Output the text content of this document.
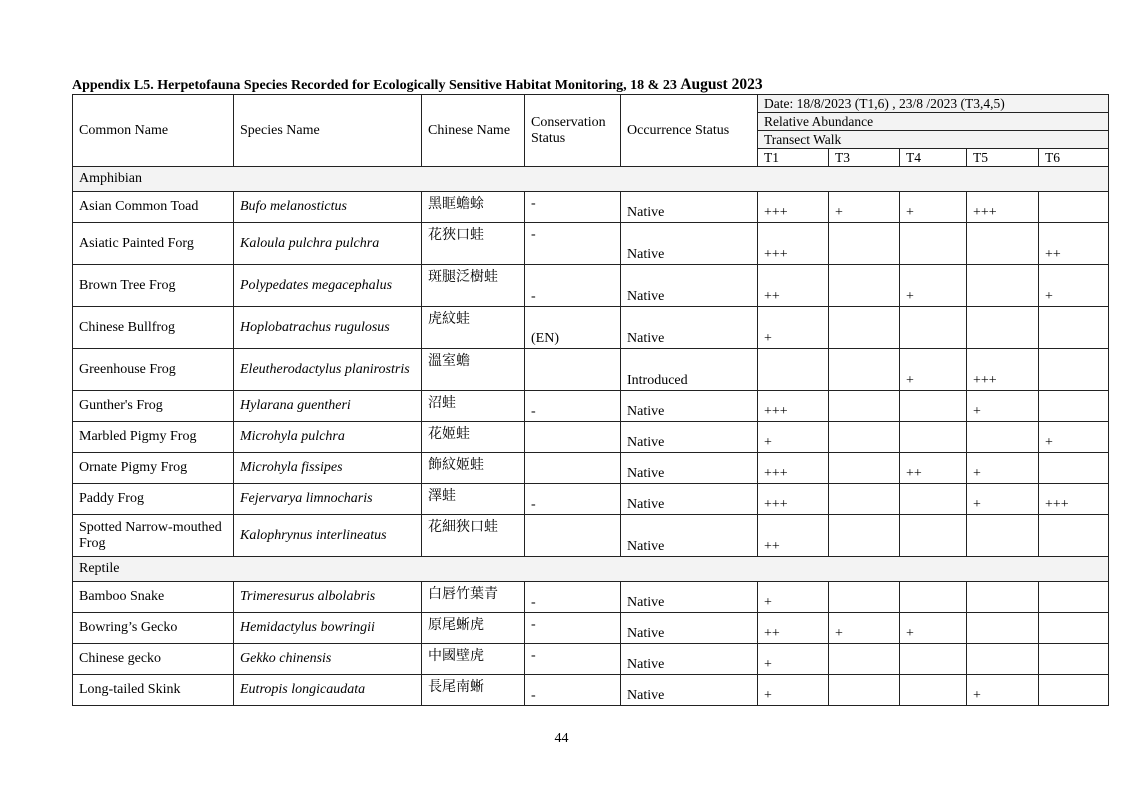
Appendix L5. Herpetofauna Species Recorded for Ecologically Sensitive Habitat Monitoring, 18 & 23 August 2023
Common Name	Species Name	Chinese Name	Conservation Status	Occurrence Status	Date: 18/8/2023 (T1,6) , 23/8 /2023 (T3,4,5)				
					Relative Abundance				
					Transect Walk				
					T1	T3	T4	T5	T6
Amphibian									
Asian Common Toad	Bufo melanostictus	黑眶蟾蜍	-	Native	+++	+	+	+++	
Asiatic Painted Forg	Kaloula pulchra pulchra	花狹口蛙	-	Native	+++				++
Brown Tree Frog	Polypedates megacephalus	斑腿泛樹蛙	-	Native	++		+		+
Chinese Bullfrog	Hoplobatrachus rugulosus	虎紋蛙	(EN)	Native	+				
Greenhouse Frog	Eleutherodactylus planirostris	溫室蟾		Introduced			+	+++	
Gunther's Frog	Hylarana guentheri	沼蛙	-	Native	+++			+	
Marbled Pigmy Frog	Microhyla pulchra	花姬蛙		Native	+				+
Ornate Pigmy Frog	Microhyla fissipes	飾紋姬蛙		Native	+++		++	+	
Paddy Frog	Fejervarya limnocharis	澤蛙	-	Native	+++			+	+++
Spotted Narrow-mouthed Frog	Kalophrynus interlineatus	花細狹口蛙		Native	++				
Reptile									
Bamboo Snake	Trimeresurus albolabris	白唇竹葉青	-	Native	+				
Bowring’s Gecko	Hemidactylus bowringii	原尾蜥虎	-	Native	++	+	+		
Chinese gecko	Gekko chinensis	中國壁虎	-	Native	+				
Long-tailed Skink	Eutropis longicaudata	長尾南蜥	-	Native	+			+	
44
